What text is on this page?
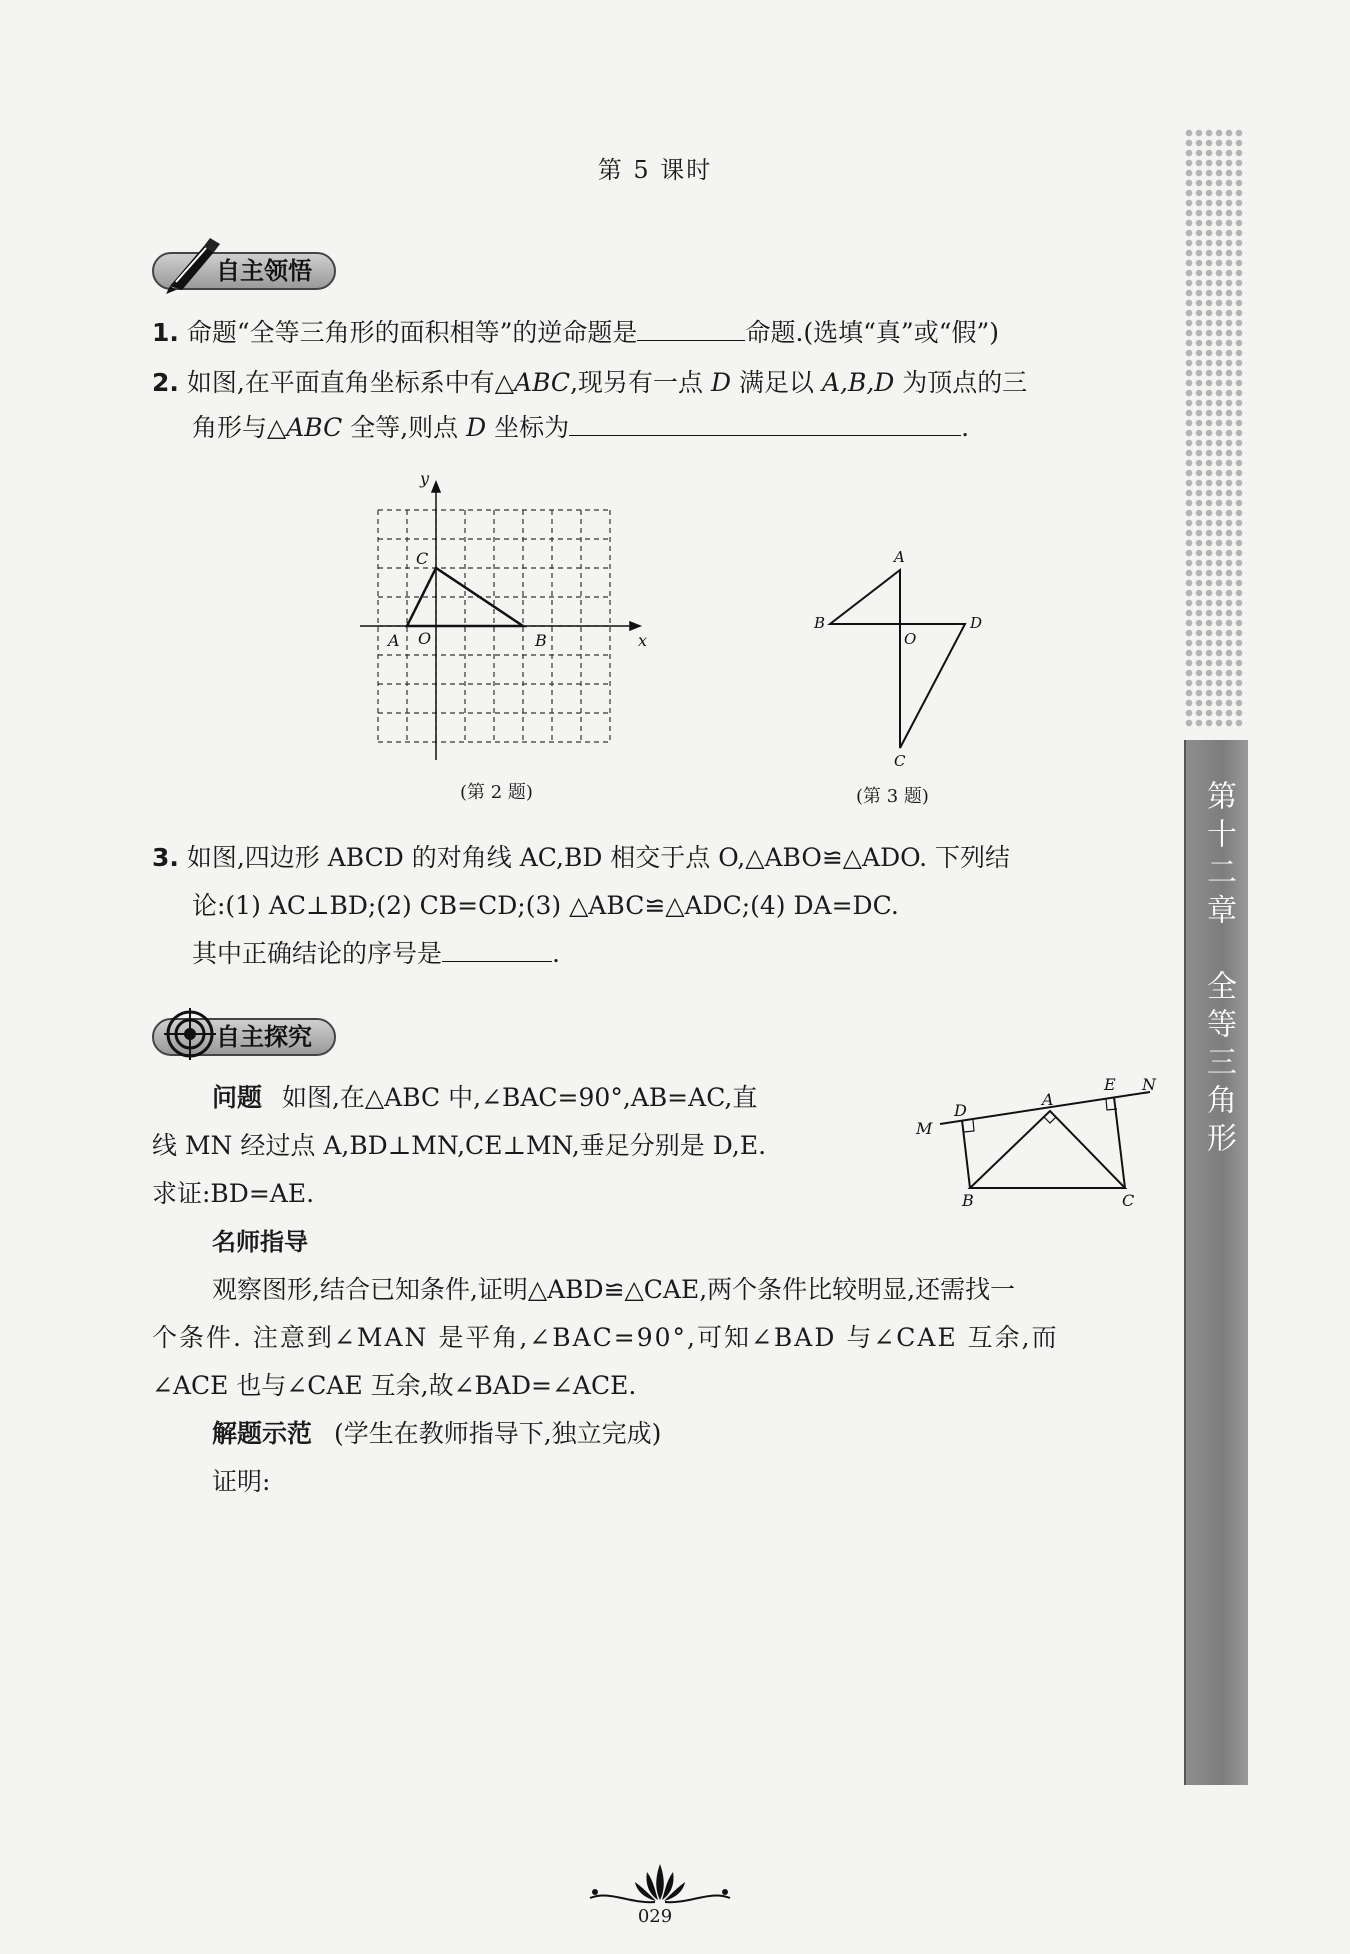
第十二章　全等三角形
第 5 课时
自主领悟
1. 命题“全等三角形的面积相等”的逆命题是	命题.(选填“真”或“假”)
2. 如图,在平面直角坐标系中有△ABC,现另有一点 D 满足以 A,B,D 为顶点的三
角形与△ABC 全等,则点 D 坐标为	.
y
x
C
A O	B
(第 2 题)
A
B	D
O
C
(第 3 题)
3. 如图,四边形 ABCD 的对角线 AC,BD 相交于点 O,△ABO≌△ADO. 下列结
论:(1) AC⊥BD;(2) CB=CD;(3) △ABC≌△ADC;(4) DA=DC.
其中正确结论的序号是	.
自主探究
问题 如图,在△ABC 中,∠BAC=90°,AB=AC,直
线 MN 经过点 A,BD⊥MN,CE⊥MN,垂足分别是 D,E.
求证:BD=AE.
M
D
A
E N
B	C
名师指导
观察图形,结合已知条件,证明△ABD≌△CAE,两个条件比较明显,还需找一
个条件. 注意到∠MAN 是平角,∠BAC=90°,可知∠BAD 与∠CAE 互余,而
∠ACE 也与∠CAE 互余,故∠BAD=∠ACE.
解题示范 (学生在教师指导下,独立完成)
证明:
029
